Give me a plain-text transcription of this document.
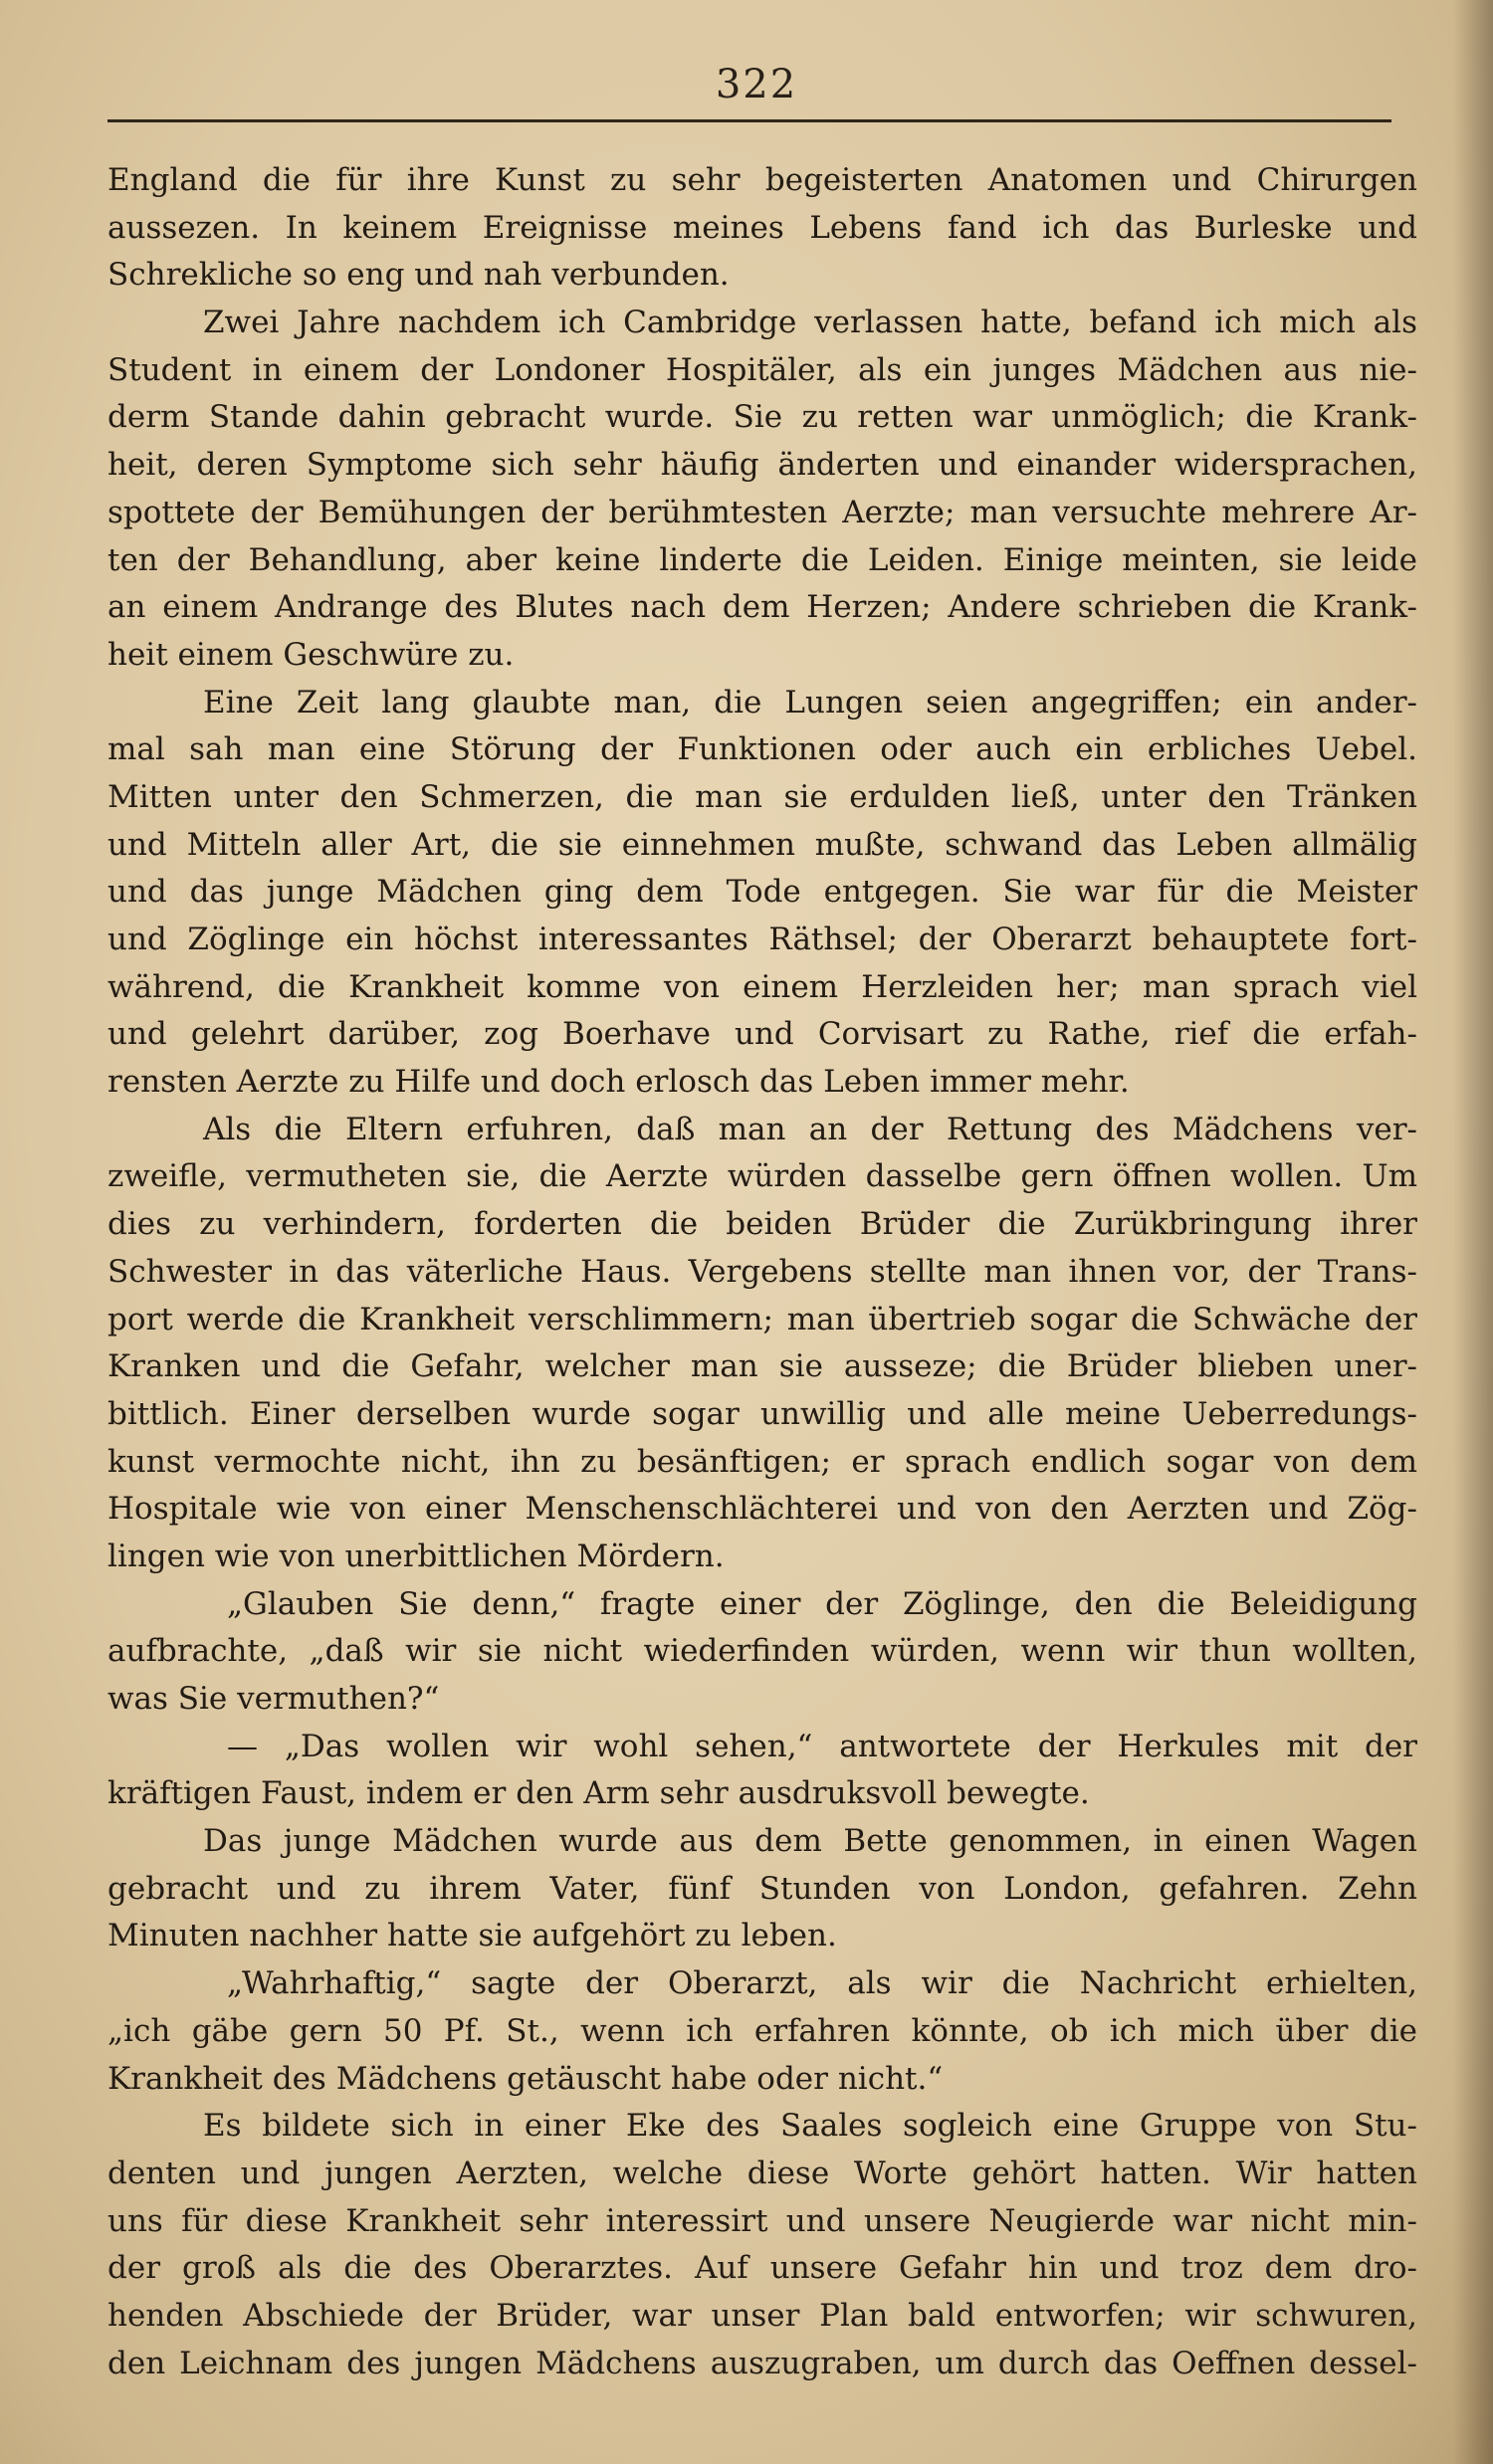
322
England die für ihre Kunst zu sehr begeisterten Anatomen und Chirurgen
aussezen. In keinem Ereignisse meines Lebens fand ich das Burleske und
Schrekliche so eng und nah verbunden.
Zwei Jahre nachdem ich Cambridge verlassen hatte, befand ich mich als
Student in einem der Londoner Hospitäler, als ein junges Mädchen aus nie-
derm Stande dahin gebracht wurde. Sie zu retten war unmöglich; die Krank-
heit, deren Symptome sich sehr häufig änderten und einander widersprachen,
spottete der Bemühungen der berühmtesten Aerzte; man versuchte mehrere Ar-
ten der Behandlung, aber keine linderte die Leiden. Einige meinten, sie leide
an einem Andrange des Blutes nach dem Herzen; Andere schrieben die Krank-
heit einem Geschwüre zu.
Eine Zeit lang glaubte man, die Lungen seien angegriffen; ein ander-
mal sah man eine Störung der Funktionen oder auch ein erbliches Uebel.
Mitten unter den Schmerzen, die man sie erdulden ließ, unter den Tränken
und Mitteln aller Art, die sie einnehmen mußte, schwand das Leben allmälig
und das junge Mädchen ging dem Tode entgegen. Sie war für die Meister
und Zöglinge ein höchst interessantes Räthsel; der Oberarzt behauptete fort-
während, die Krankheit komme von einem Herzleiden her; man sprach viel
und gelehrt darüber, zog Boerhave und Corvisart zu Rathe, rief die erfah-
rensten Aerzte zu Hilfe und doch erlosch das Leben immer mehr.
Als die Eltern erfuhren, daß man an der Rettung des Mädchens ver-
zweifle, vermutheten sie, die Aerzte würden dasselbe gern öffnen wollen. Um
dies zu verhindern, forderten die beiden Brüder die Zurükbringung ihrer
Schwester in das väterliche Haus. Vergebens stellte man ihnen vor, der Trans-
port werde die Krankheit verschlimmern; man übertrieb sogar die Schwäche der
Kranken und die Gefahr, welcher man sie aussezе; die Brüder blieben uner-
bittlich. Einer derselben wurde sogar unwillig und alle meine Ueberredungs-
kunst vermochte nicht, ihn zu besänftigen; er sprach endlich sogar von dem
Hospitale wie von einer Menschenschlächterei und von den Aerzten und Zög-
lingen wie von unerbittlichen Mördern.
„Glauben Sie denn,“ fragte einer der Zöglinge, den die Beleidigung
aufbrachte, „daß wir sie nicht wiederfinden würden, wenn wir thun wollten,
was Sie vermuthen?“
— „Das wollen wir wohl sehen,“ antwortete der Herkules mit der
kräftigen Faust, indem er den Arm sehr ausdruksvoll bewegte.
Das junge Mädchen wurde aus dem Bette genommen, in einen Wagen
gebracht und zu ihrem Vater, fünf Stunden von London, gefahren. Zehn
Minuten nachher hatte sie aufgehört zu leben.
„Wahrhaftig,“ sagte der Oberarzt, als wir die Nachricht erhielten,
„ich gäbe gern 50 Pf. St., wenn ich erfahren könnte, ob ich mich über die
Krankheit des Mädchens getäuscht habe oder nicht.“
Es bildete sich in einer Eke des Saales sogleich eine Gruppe von Stu-
denten und jungen Aerzten, welche diese Worte gehört hatten. Wir hatten
uns für diese Krankheit sehr interessirt und unsere Neugierde war nicht min-
der groß als die des Oberarztes. Auf unsere Gefahr hin und troz dem dro-
henden Abschiede der Brüder, war unser Plan bald entworfen; wir schwuren,
den Leichnam des jungen Mädchens auszugraben, um durch das Oeffnen dessel-
